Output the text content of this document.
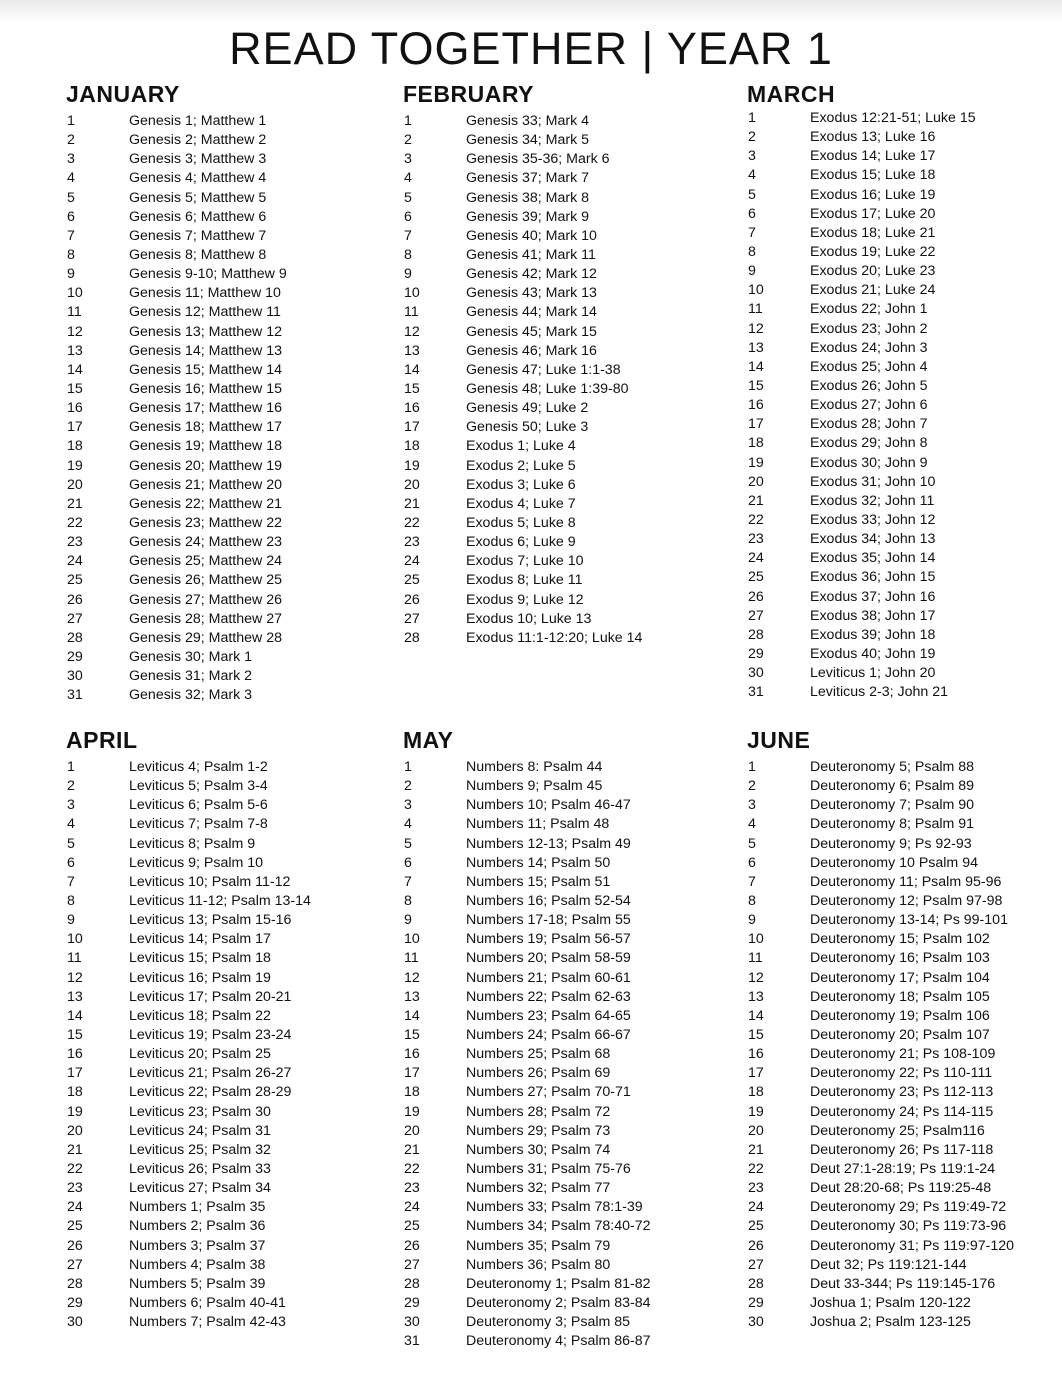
READ TOGETHER | YEAR 1
JANUARY
1	Genesis 1; Matthew 1
2	Genesis 2; Matthew 2
3	Genesis 3; Matthew 3
4	Genesis 4; Matthew 4
5	Genesis 5; Matthew 5
6	Genesis 6; Matthew 6
7	Genesis 7; Matthew 7
8	Genesis 8; Matthew 8
9	Genesis 9-10; Matthew 9
10	Genesis 11; Matthew 10
11	Genesis 12; Matthew 11
12	Genesis 13; Matthew 12
13	Genesis 14; Matthew 13
14	Genesis 15; Matthew 14
15	Genesis 16; Matthew 15
16	Genesis 17; Matthew 16
17	Genesis 18; Matthew 17
18	Genesis 19; Matthew 18
19	Genesis 20; Matthew 19
20	Genesis 21; Matthew 20
21	Genesis 22; Matthew 21
22	Genesis 23; Matthew 22
23	Genesis 24; Matthew 23
24	Genesis 25; Matthew 24
25	Genesis 26; Matthew 25
26	Genesis 27; Matthew 26
27	Genesis 28; Matthew 27
28	Genesis 29; Matthew 28
29	Genesis 30; Mark 1
30	Genesis 31; Mark 2
31	Genesis 32; Mark 3
FEBRUARY
1	Genesis 33; Mark 4
2	Genesis 34; Mark 5
3	Genesis 35-36; Mark 6
4	Genesis 37; Mark 7
5	Genesis 38; Mark 8
6	Genesis 39; Mark 9
7	Genesis 40; Mark 10
8	Genesis 41; Mark 11
9	Genesis 42; Mark 12
10	Genesis 43; Mark 13
11	Genesis 44; Mark 14
12	Genesis 45; Mark 15
13	Genesis 46; Mark 16
14	Genesis 47; Luke 1:1-38
15	Genesis 48; Luke 1:39-80
16	Genesis 49; Luke 2
17	Genesis 50; Luke 3
18	Exodus 1; Luke 4
19	Exodus 2; Luke 5
20	Exodus 3; Luke 6
21	Exodus 4; Luke 7
22	Exodus 5; Luke 8
23	Exodus 6; Luke 9
24	Exodus 7; Luke 10
25	Exodus 8; Luke 11
26	Exodus 9; Luke 12
27	Exodus 10; Luke 13
28	Exodus 11:1-12:20; Luke 14
MARCH
1	Exodus 12:21-51; Luke 15
2	Exodus 13; Luke 16
3	Exodus 14; Luke 17
4	Exodus 15; Luke 18
5	Exodus 16; Luke 19
6	Exodus 17; Luke 20
7	Exodus 18; Luke 21
8	Exodus 19; Luke 22
9	Exodus 20; Luke 23
10	Exodus 21; Luke 24
11	Exodus 22; John 1
12	Exodus 23; John 2
13	Exodus 24; John 3
14	Exodus 25; John 4
15	Exodus 26; John 5
16	Exodus 27; John 6
17	Exodus 28; John 7
18	Exodus 29; John 8
19	Exodus 30; John 9
20	Exodus 31; John 10
21	Exodus 32; John 11
22	Exodus 33; John 12
23	Exodus 34; John 13
24	Exodus 35; John 14
25	Exodus 36; John 15
26	Exodus 37; John 16
27	Exodus 38; John 17
28	Exodus 39; John 18
29	Exodus 40; John 19
30	Leviticus 1; John 20
31	Leviticus 2-3; John 21
APRIL
1	Leviticus 4; Psalm 1-2
2	Leviticus 5; Psalm 3-4
3	Leviticus 6; Psalm 5-6
4	Leviticus 7; Psalm 7-8
5	Leviticus 8; Psalm 9
6	Leviticus 9; Psalm 10
7	Leviticus 10; Psalm 11-12
8	Leviticus 11-12; Psalm 13-14
9	Leviticus 13; Psalm 15-16
10	Leviticus 14; Psalm 17
11	Leviticus 15; Psalm 18
12	Leviticus 16; Psalm 19
13	Leviticus 17; Psalm 20-21
14	Leviticus 18; Psalm 22
15	Leviticus 19; Psalm 23-24
16	Leviticus 20; Psalm 25
17	Leviticus 21; Psalm 26-27
18	Leviticus 22; Psalm 28-29
19	Leviticus 23; Psalm 30
20	Leviticus 24; Psalm 31
21	Leviticus 25; Psalm 32
22	Leviticus 26; Psalm 33
23	Leviticus 27; Psalm 34
24	Numbers 1; Psalm 35
25	Numbers 2; Psalm 36
26	Numbers 3; Psalm 37
27	Numbers 4; Psalm 38
28	Numbers 5; Psalm 39
29	Numbers 6; Psalm 40-41
30	Numbers 7; Psalm 42-43
MAY
1	Numbers 8: Psalm 44
2	Numbers 9; Psalm 45
3	Numbers 10; Psalm 46-47
4	Numbers 11; Psalm 48
5	Numbers 12-13; Psalm 49
6	Numbers 14; Psalm 50
7	Numbers 15; Psalm 51
8	Numbers 16; Psalm 52-54
9	Numbers 17-18; Psalm 55
10	Numbers 19; Psalm 56-57
11	Numbers 20; Psalm 58-59
12	Numbers 21; Psalm 60-61
13	Numbers 22; Psalm 62-63
14	Numbers 23; Psalm 64-65
15	Numbers 24; Psalm 66-67
16	Numbers 25; Psalm 68
17	Numbers 26; Psalm 69
18	Numbers 27; Psalm 70-71
19	Numbers 28; Psalm 72
20	Numbers 29; Psalm 73
21	Numbers 30; Psalm 74
22	Numbers 31; Psalm 75-76
23	Numbers 32; Psalm 77
24	Numbers 33; Psalm 78:1-39
25	Numbers 34; Psalm 78:40-72
26	Numbers 35; Psalm 79
27	Numbers 36; Psalm 80
28	Deuteronomy 1; Psalm 81-82
29	Deuteronomy 2; Psalm 83-84
30	Deuteronomy 3; Psalm 85
31	Deuteronomy 4; Psalm 86-87
JUNE
1	Deuteronomy 5; Psalm 88
2	Deuteronomy 6; Psalm 89
3	Deuteronomy 7; Psalm 90
4	Deuteronomy 8; Psalm 91
5	Deuteronomy 9; Ps 92-93
6	Deuteronomy 10 Psalm 94
7	Deuteronomy 11; Psalm 95-96
8	Deuteronomy 12; Psalm 97-98
9	Deuteronomy 13-14; Ps 99-101
10	Deuteronomy 15; Psalm 102
11	Deuteronomy 16; Psalm 103
12	Deuteronomy 17; Psalm 104
13	Deuteronomy 18; Psalm 105
14	Deuteronomy 19; Psalm 106
15	Deuteronomy 20; Psalm 107
16	Deuteronomy 21; Ps 108-109
17	Deuteronomy 22; Ps 110-111
18	Deuteronomy 23; Ps 112-113
19	Deuteronomy 24; Ps 114-115
20	Deuteronomy 25; Psalm116
21	Deuteronomy 26; Ps 117-118
22	Deut 27:1-28:19; Ps 119:1-24
23	Deut 28:20-68; Ps 119:25-48
24	Deuteronomy 29; Ps 119:49-72
25	Deuteronomy 30; Ps 119:73-96
26	Deuteronomy 31; Ps 119:97-120
27	Deut 32; Ps 119:121-144
28	Deut 33-344; Ps 119:145-176
29	Joshua 1; Psalm 120-122
30	Joshua 2; Psalm 123-125
